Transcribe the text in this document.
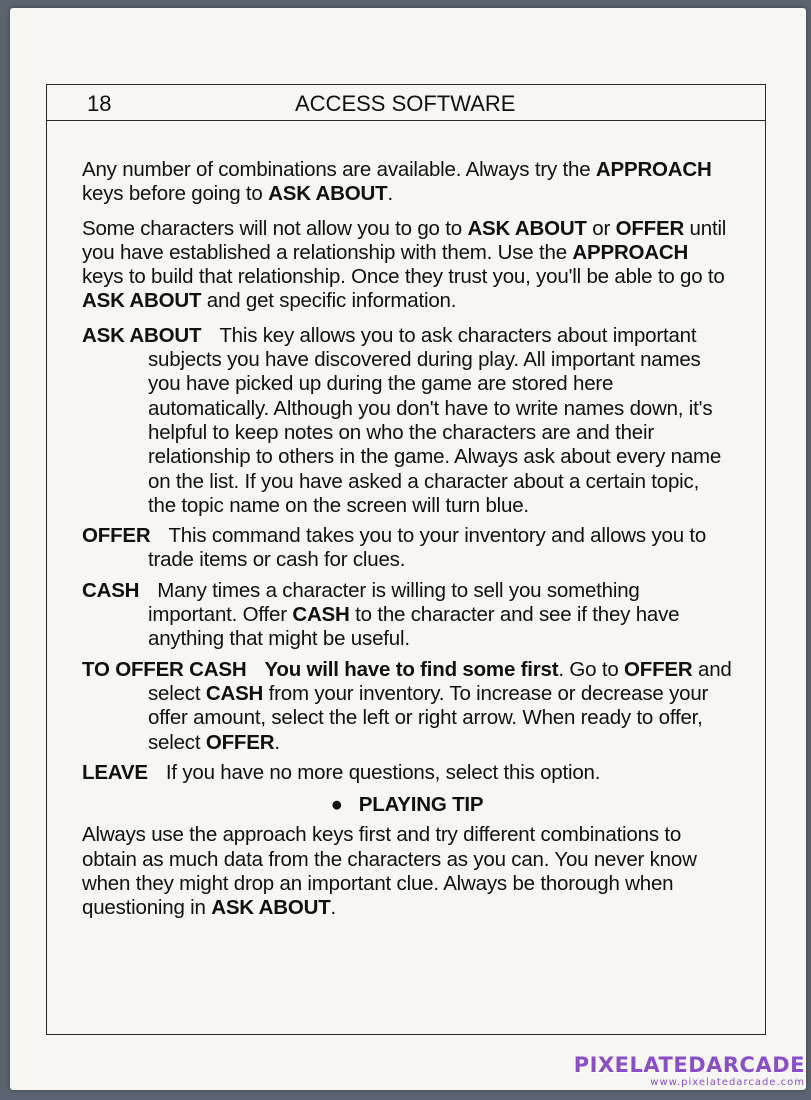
18	ACCESS SOFTWARE

Any number of combinations are available. Always try the APPROACH keys before going to ASK ABOUT.

Some characters will not allow you to go to ASK ABOUT or OFFER until you have established a relationship with them. Use the APPROACH keys to build that relationship. Once they trust you, you'll be able to go to ASK ABOUT and get specific information.

ASK ABOUT This key allows you to ask characters about important subjects you have discovered during play. All important names you have picked up during the game are stored here automatically. Although you don't have to write names down, it's helpful to keep notes on who the characters are and their relationship to others in the game. Always ask about every name on the list. If you have asked a character about a certain topic, the topic name on the screen will turn blue.

OFFER This command takes you to your inventory and allows you to trade items or cash for clues.

CASH Many times a character is willing to sell you something important. Offer CASH to the character and see if they have anything that might be useful.

TO OFFER CASH You will have to find some first. Go to OFFER and select CASH from your inventory. To increase or decrease your offer amount, select the left or right arrow. When ready to offer, select OFFER.

LEAVE If you have no more questions, select this option.

● PLAYING TIP

Always use the approach keys first and try different combinations to obtain as much data from the characters as you can. You never know when they might drop an important clue. Always be thorough when questioning in ASK ABOUT.

PIXELATEDARCADE
www.pixelatedarcade.com
